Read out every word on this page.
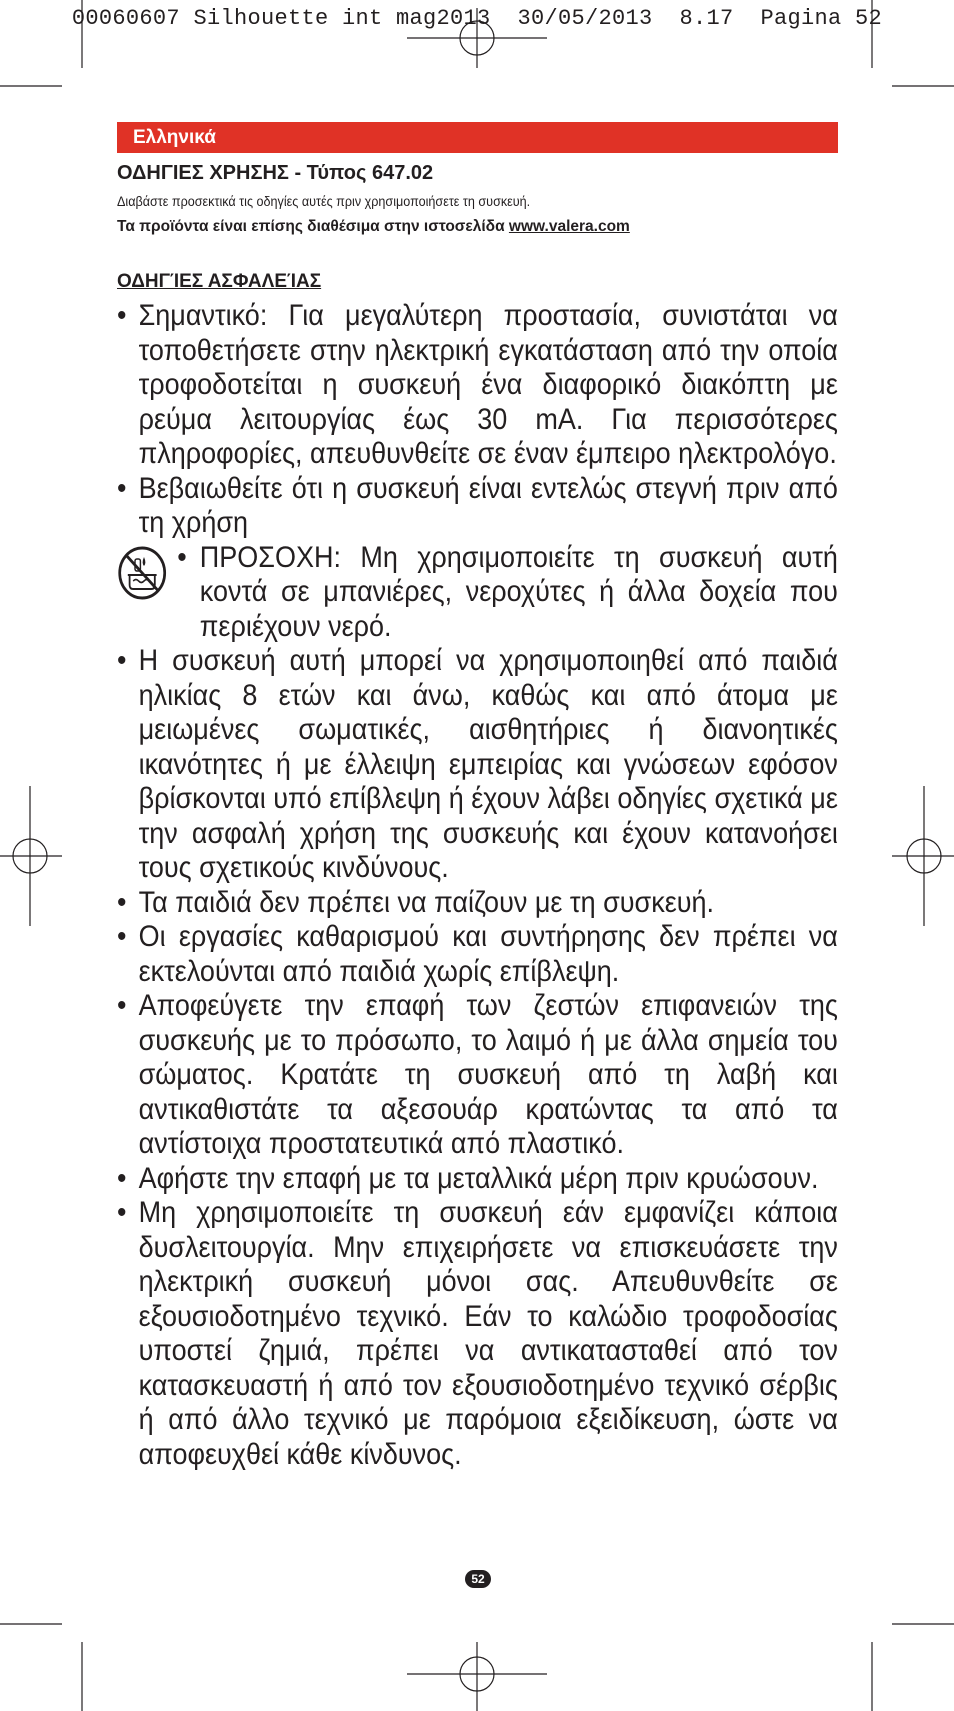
00060607 Silhouette int mag2013  30/05/2013  8.17  Pagina 52
Ελληνικά

ΟΔΗΓΙΕΣ ΧΡΗΣΗΣ - Τύπος 647.02

Διαβάστε προσεκτικά τις οδηγίες αυτές πριν χρησιμοποιήσετε τη συσκευή.

Τα προϊόντα είναι επίσης διαθέσιμα στην ιστοσελίδα www.valera.com

ΟΔΗΓΊΕΣ ΑΣΦΑΛΕΊΑΣ

• Σημαντικό: Για μεγαλύτερη προστασία, συνιστάται να τοποθετήσετε στην ηλεκτρική εγκατάσταση από την οποία τροφοδοτείται η συσκευή ένα διαφορικό διακόπτη με ρεύμα λειτουργίας έως 30 mA. Για περισσότερες πληροφορίες, απευθυνθείτε σε έναν έμπειρο ηλεκτρολόγο.
• Βεβαιωθείτε ότι η συσκευή είναι εντελώς στεγνή πριν από τη χρήση
• ΠΡΟΣΟΧΗ: Μη χρησιμοποιείτε τη συσκευή αυτή κοντά σε μπανιέρες, νεροχύτες ή άλλα δοχεία που περιέχουν νερό.
• Η συσκευή αυτή μπορεί να χρησιμοποιηθεί από παιδιά ηλικίας 8 ετών και άνω, καθώς και από άτομα με μειωμένες σωματικές, αισθητήριες ή διανοητικές ικανότητες ή με έλλειψη εμπειρίας και γνώσεων εφόσον βρίσκονται υπό επίβλεψη ή έχουν λάβει οδηγίες σχετικά με την ασφαλή χρήση της συσκευής και έχουν κατανοήσει τους σχετικούς κινδύνους.
• Τα παιδιά δεν πρέπει να παίζουν με τη συσκευή.
• Οι εργασίες καθαρισμού και συντήρησης δεν πρέπει να εκτελούνται από παιδιά χωρίς επίβλεψη.
• Αποφεύγετε την επαφή των ζεστών επιφανειών της συσκευής με το πρόσωπο, το λαιμό ή με άλλα σημεία του σώματος. Κρατάτε τη συσκευή από τη λαβή και αντικαθιστάτε τα αξεσουάρ κρατώντας τα από τα αντίστοιχα προστατευτικά από πλαστικό.
• Αφήστε την επαφή με τα μεταλλικά μέρη πριν κρυώσουν.
• Μη χρησιμοποιείτε τη συσκευή εάν εμφανίζει κάποια δυσλειτουργία. Μην επιχειρήσετε να επισκευάσετε την ηλεκτρική συσκευή μόνοι σας. Απευθυνθείτε σε εξουσιοδοτημένο τεχνικό. Εάν το καλώδιο τροφοδοσίας υποστεί ζημιά, πρέπει να αντικατασταθεί από τον κατασκευαστή ή από τον εξουσιοδοτημένο τεχνικό σέρβις ή από άλλο τεχνικό με παρόμοια εξειδίκευση, ώστε να αποφευχθεί κάθε κίνδυνος.
52
